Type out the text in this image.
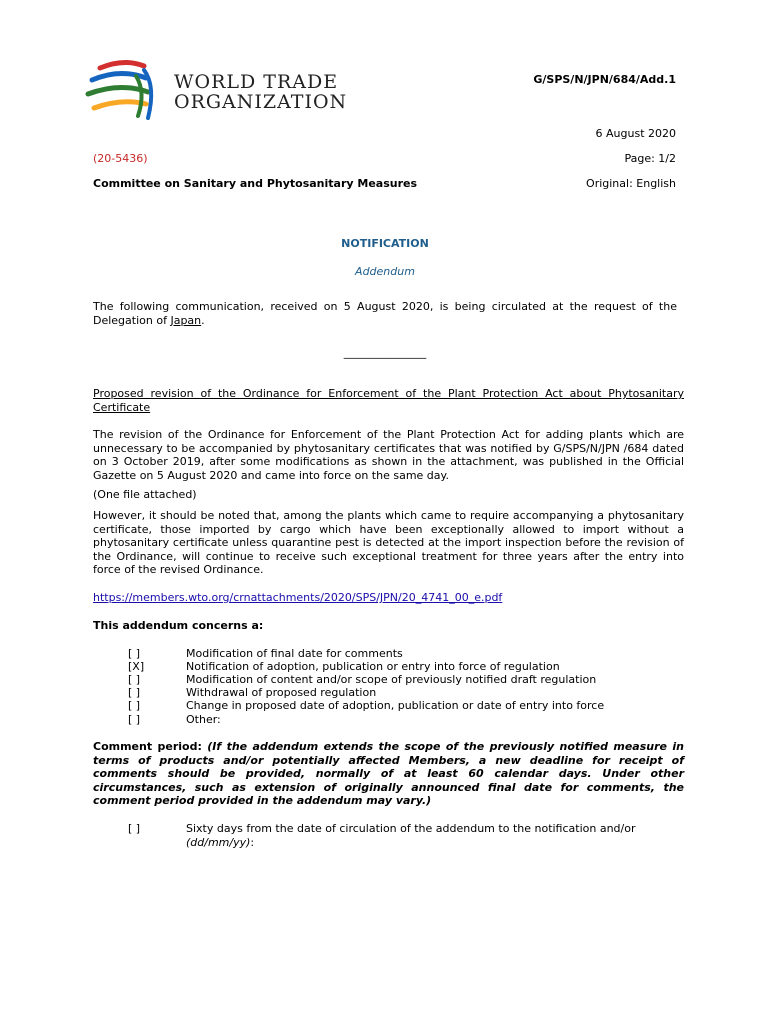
WORLD TRADE
ORGANIZATION
G/SPS/N/JPN/684/Add.1
6 August 2020
(20-5436)	Page: 1/2
Committee on Sanitary and Phytosanitary Measures	Original: English
NOTIFICATION
Addendum
The following communication, received on 5 August 2020, is being circulated at the request of the Delegation of Japan.
_______________
Proposed revision of the Ordinance for Enforcement of the Plant Protection Act about Phytosanitary Certificate
The revision of the Ordinance for Enforcement of the Plant Protection Act for adding plants which are unnecessary to be accompanied by phytosanitary certificates that was notified by G/SPS/N/JPN /684 dated on 3 October 2019, after some modifications as shown in the attachment, was published in the Official Gazette on 5 August 2020 and came into force on the same day.
(One file attached)
However, it should be noted that, among the plants which came to require accompanying a phytosanitary certificate, those imported by cargo which have been exceptionally allowed to import without a phytosanitary certificate unless quarantine pest is detected at the import inspection before the revision of the Ordinance, will continue to receive such exceptional treatment for three years after the entry into force of the revised Ordinance.
https://members.wto.org/crnattachments/2020/SPS/JPN/20_4741_00_e.pdf
This addendum concerns a:
[ ]	Modification of final date for comments
[X]	Notification of adoption, publication or entry into force of regulation
[ ]	Modification of content and/or scope of previously notified draft regulation
[ ]	Withdrawal of proposed regulation
[ ]	Change in proposed date of adoption, publication or date of entry into force
[ ]	Other:
Comment period: (If the addendum extends the scope of the previously notified measure in terms of products and/or potentially affected Members, a new deadline for receipt of comments should be provided, normally of at least 60 calendar days. Under other circumstances, such as extension of originally announced final date for comments, the comment period provided in the addendum may vary.)
[ ]	Sixty days from the date of circulation of the addendum to the notification and/or
(dd/mm/yy):
